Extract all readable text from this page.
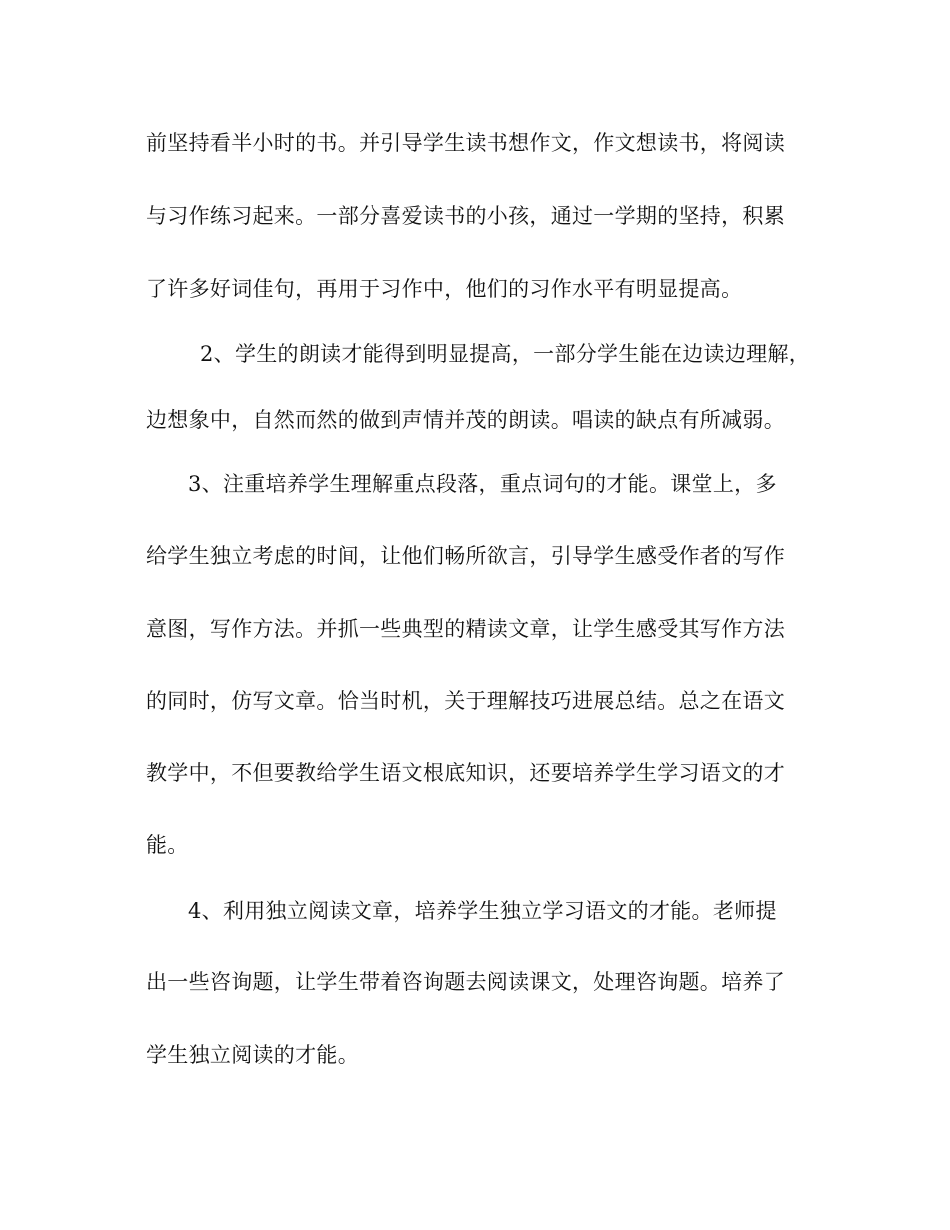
前坚持看半小时的书。并引导学生读书想作文，作文想读书，将阅读
与习作练习起来。一部分喜爱读书的小孩，通过一学期的坚持，积累
了许多好词佳句，再用于习作中，他们的习作水平有明显提高。
2、学生的朗读才能得到明显提高，一部分学生能在边读边理解，
边想象中，自然而然的做到声情并茂的朗读。唱读的缺点有所减弱。
3、注重培养学生理解重点段落，重点词句的才能。课堂上，多
给学生独立考虑的时间，让他们畅所欲言，引导学生感受作者的写作
意图，写作方法。并抓一些典型的精读文章，让学生感受其写作方法
的同时，仿写文章。恰当时机，关于理解技巧进展总结。总之在语文
教学中，不但要教给学生语文根底知识，还要培养学生学习语文的才
能。
4、利用独立阅读文章，培养学生独立学习语文的才能。老师提
出一些咨询题，让学生带着咨询题去阅读课文，处理咨询题。培养了
学生独立阅读的才能。
